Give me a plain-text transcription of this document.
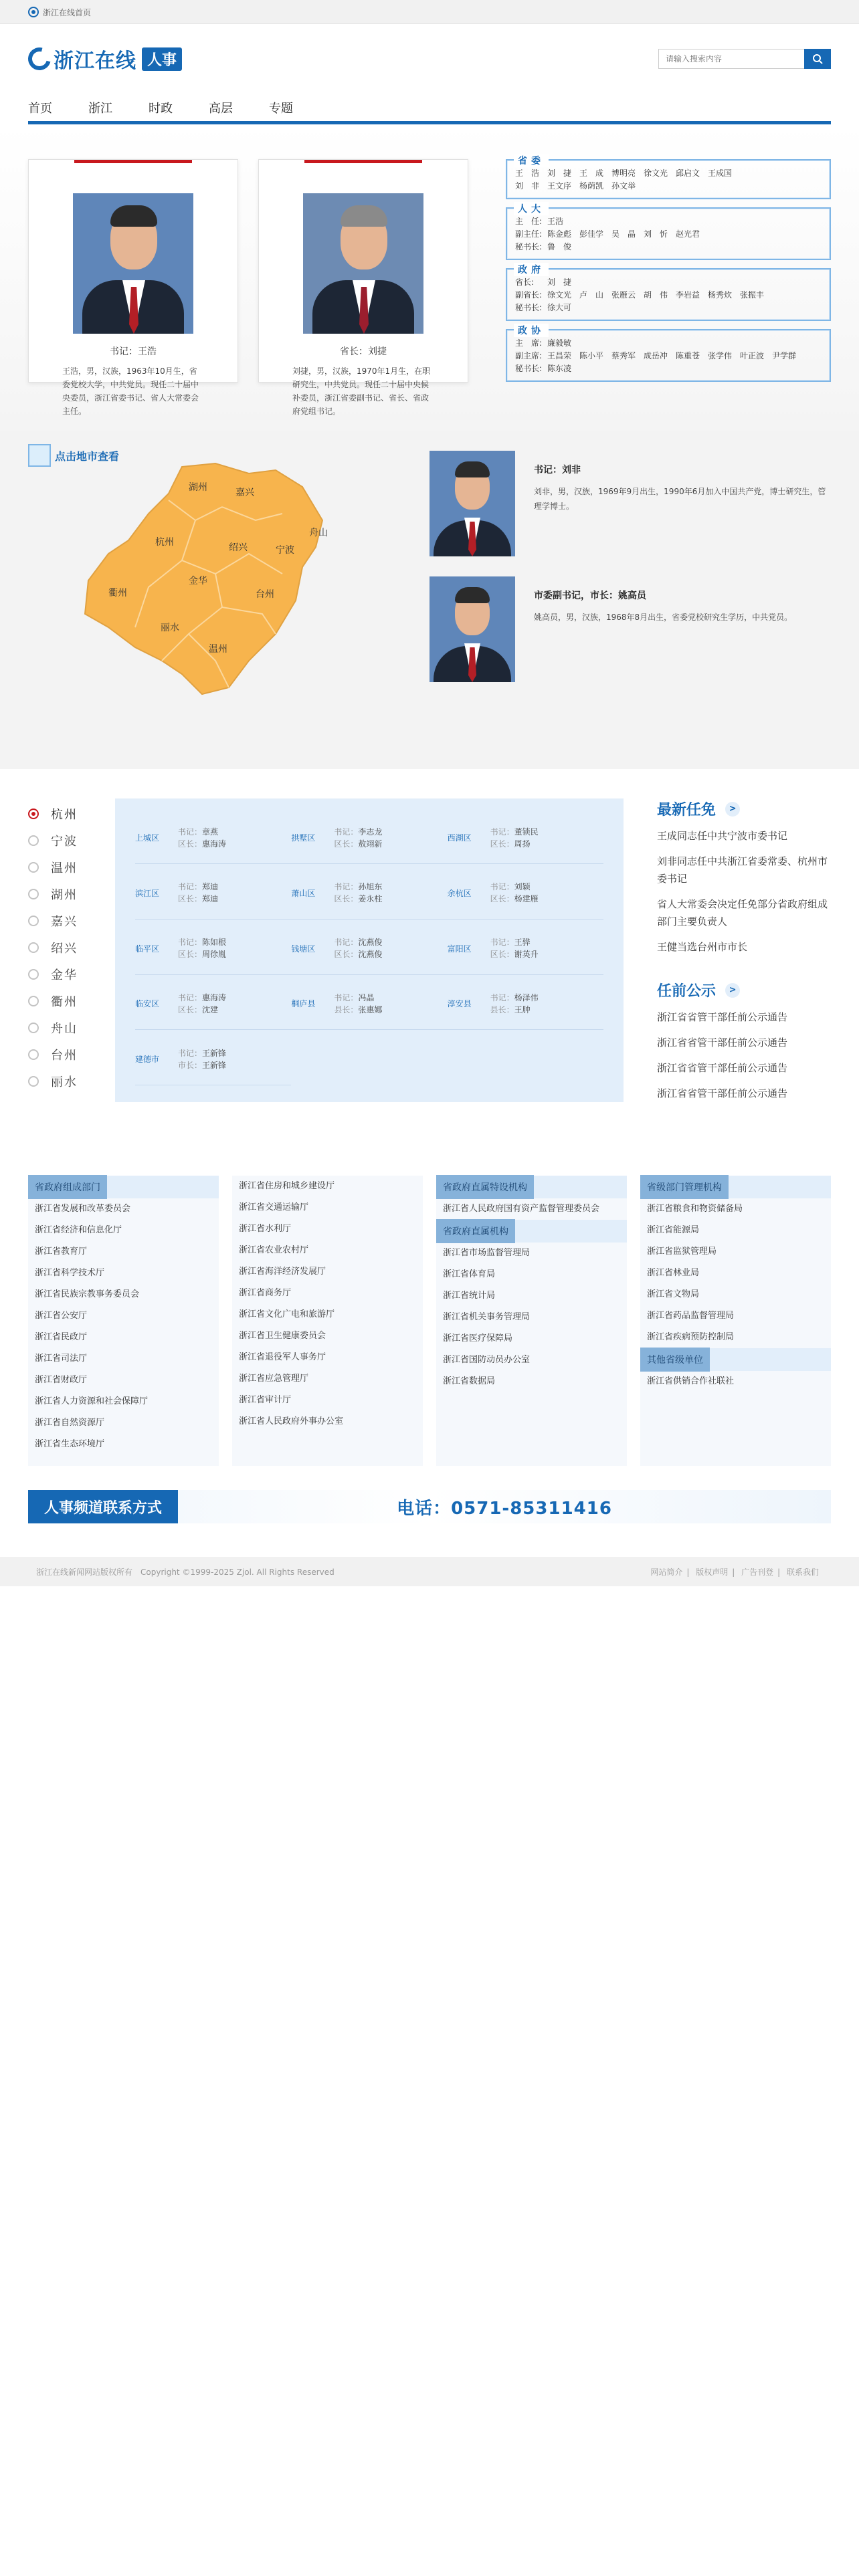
浙江在线首页
浙江在线 人事
请输入搜索内容
首页	浙江	时政	高层	专题
书记：王浩
王浩，男，汉族，1963年10月生，省委党校大学，中共党员。现任二十届中央委员，浙江省委书记、省人大常委会主任。
省长：刘捷
刘捷，男，汉族，1970年1月生，在职研究生，中共党员。现任二十届中央候补委员，浙江省委副书记、省长、省政府党组书记。
省委
王　浩　刘　捷　王　成　博明亮　徐文光　邱启文　王成国
刘　非　王文序　杨荫凯　孙文举
人大
主　任: 王浩
副主任: 陈金彪　彭佳学　吴　晶　刘　忻　赵光君
秘书长: 鲁　俊
政府
省长:	刘　捷
副省长: 徐文光　卢　山　张雁云　胡　伟　李岩益　杨秀炊　张振丰
秘书长: 徐大可
政协
主　席: 廉毅敏
副主席: 王昌荣　陈小平　蔡秀军　成岳冲　陈重苍　张学伟　叶正波　尹学群
秘书长: 陈东凌
点击地市查看
湖州	嘉兴
杭州
舟山
绍兴	宁波
衢州
金华
台州
丽水
温州
书记：刘非
刘非，男，汉族，1969年9月出生，1990年6月加入中国共产党，博士研究生，管理学博士。
市委副书记，市长：姚高员
姚高员，男，汉族，1968年8月出生，省委党校研究生学历，中共党员。
杭州
宁波
温州
湖州
嘉兴
绍兴
金华
衢州
舟山
台州
丽水
上城区
书记：章燕
区长：惠海涛
拱墅区
书记：李志龙
区长：敖翊新
西湖区
书记：董锁民
区长：周扬
滨江区
书记：郑迪
区长：郑迪
萧山区
书记：孙旭东
区长：姜永柱
余杭区
书记：刘颖
区长：杨建雁
临平区
书记：陈如根
区长：周徐胤
钱塘区
书记：沈燕俊
区长：沈燕俊
富阳区
书记：王骅
区长：谢英升
临安区
书记：惠海涛
区长：沈建
桐庐县
书记：冯晶
县长：张惠娜
淳安县
书记：杨泽伟
县长：王肿
建德市
书记：王新锋
市长：王新锋
最新任免	>
王成同志任中共宁波市委书记
刘非同志任中共浙江省委常委、杭州市委书记
省人大常委会决定任免部分省政府组成部门主要负责人
王健当选台州市市长
任前公示	>
浙江省省管干部任前公示通告
浙江省省管干部任前公示通告
浙江省省管干部任前公示通告
浙江省省管干部任前公示通告
省政府组成部门
浙江省发展和改革委员会
浙江省经济和信息化厅
浙江省教育厅
浙江省科学技术厅
浙江省民族宗教事务委员会
浙江省公安厅
浙江省民政厅
浙江省司法厅
浙江省财政厅
浙江省人力资源和社会保障厅
浙江省自然资源厅
浙江省生态环境厅
浙江省住房和城乡建设厅
浙江省交通运输厅
浙江省水利厅
浙江省农业农村厅
浙江省海洋经济发展厅
浙江省商务厅
浙江省文化广电和旅游厅
浙江省卫生健康委员会
浙江省退役军人事务厅
浙江省应急管理厅
浙江省审计厅
浙江省人民政府外事办公室
省政府直属特设机构
浙江省人民政府国有资产监督管理委员会
省政府直属机构
浙江省市场监督管理局
浙江省体育局
浙江省统计局
浙江省机关事务管理局
浙江省医疗保障局
浙江省国防动员办公室
浙江省数据局
省级部门管理机构
浙江省粮食和物资储备局
浙江省能源局
浙江省监狱管理局
浙江省林业局
浙江省文物局
浙江省药品监督管理局
浙江省疾病预防控制局
其他省级单位
浙江省供销合作社联社
人事频道联系方式	电话：0571-85311416
浙江在线新闻网站版权所有　Copyright ©1999-2025 Zjol. All Rights Reserved	网站简介 | 版权声明 | 广告刊登 | 联系我们
